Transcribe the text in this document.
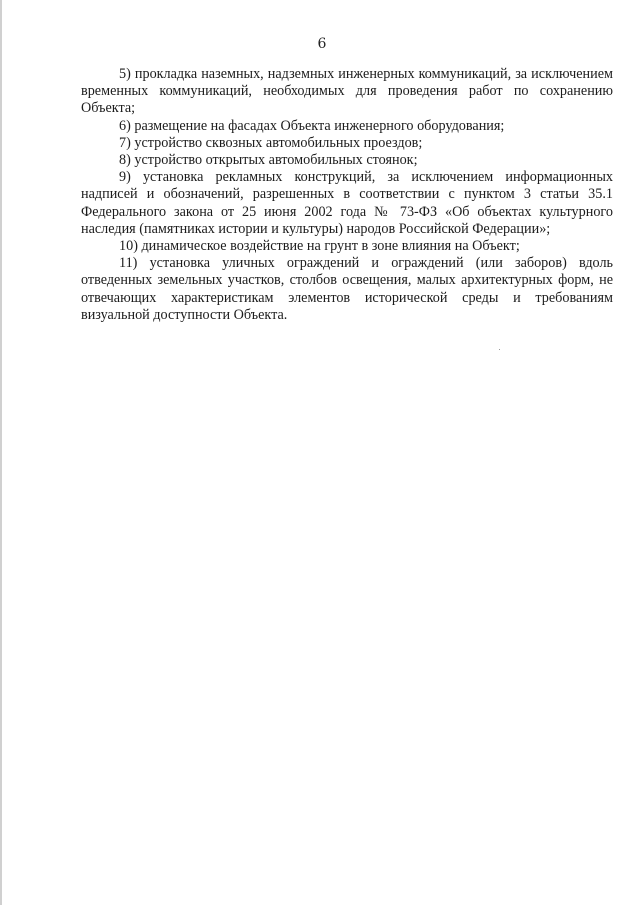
6

5) прокладка наземных, надземных инженерных коммуникаций, за исключением временных коммуникаций, необходимых для проведения работ по сохранению Объекта;

6) размещение на фасадах Объекта инженерного оборудования;

7) устройство сквозных автомобильных проездов;

8) устройство открытых автомобильных стоянок;

9) установка рекламных конструкций, за исключением информационных надписей и обозначений, разрешенных в соответствии с пунктом 3 статьи 35.1 Федерального закона от 25 июня 2002 года № 73-ФЗ «Об объектах культурного наследия (памятниках истории и культуры) народов Российской Федерации»;

10) динамическое воздействие на грунт в зоне влияния на Объект;

11) установка уличных ограждений и ограждений (или заборов) вдоль отведенных земельных участков, столбов освещения, малых архитектурных форм, не отвечающих характеристикам элементов исторической среды и требованиям визуальной доступности Объекта.
